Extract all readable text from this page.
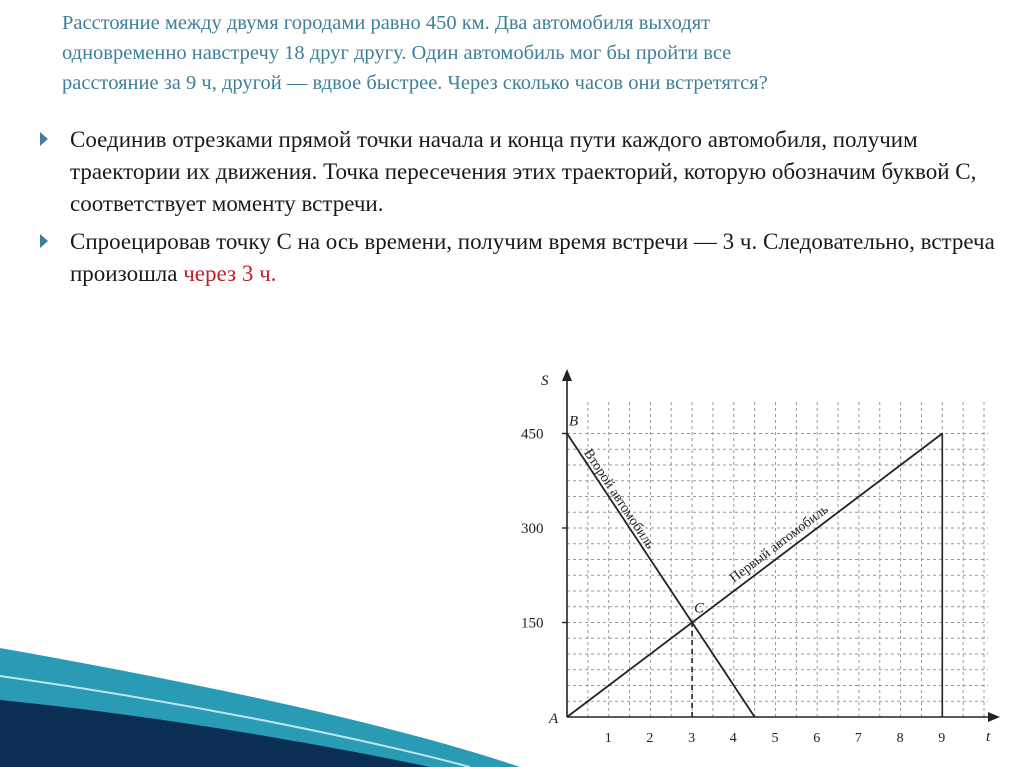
Расстояние между двумя городами равно 450 км. Два автомобиля выходят
одновременно навстречу 18 друг другу. Один автомобиль мог бы пройти все
расстояние за 9 ч, другой — вдвое быстрее. Через сколько часов они встретятся?
Соединив отрезками прямой точки начала и конца пути каждого автомобиля, получим траектории их движения. Точка пересечения этих траекторий, которую обозначим буквой С, соответствует моменту встречи.
Спроецировав точку С на ось времени, получим время встречи — 3 ч. Следовательно, встреча произошла через 3 ч.
t
S
1 2 3 4 5 6 7 8 9
150
300
450
Первый автомобиль
Второй автомобиль
A
B
C
